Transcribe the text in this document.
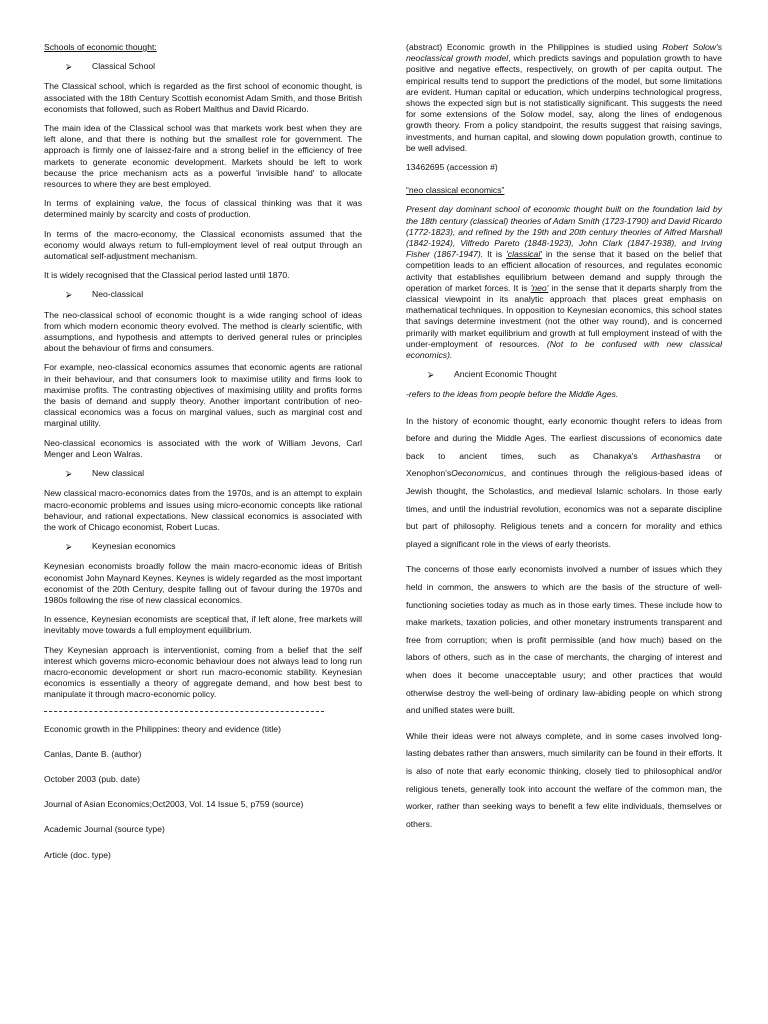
Schools of economic thought:

⮚	Classical School

The Classical school, which is regarded as the first school of economic thought, is associated with the 18th Century Scottish economist Adam Smith, and those British economists that followed, such as Robert Malthus and David Ricardo.

The main idea of the Classical school was that markets work best when they are left alone, and that there is nothing but the smallest role for government. The approach is firmly one of laissez-faire and a strong belief in the efficiency of free markets to generate economic development. Markets should be left to work because the price mechanism acts as a powerful 'invisible hand' to allocate resources to where they are best employed.

In terms of explaining value, the focus of classical thinking was that it was determined mainly by scarcity and costs of production.

In terms of the macro-economy, the Classical economists assumed that the economy would always return to full-employment level of real output through an automatical self-adjustment mechanism.

It is widely recognised that the Classical period lasted until 1870.

⮚	Neo-classical

The neo-classical school of economic thought is a wide ranging school of ideas from which modern economic theory evolved. The method is clearly scientific, with assumptions, and hypothesis and attempts to derived general rules or principles about the behaviour of firms and consumers.

For example, neo-classical economics assumes that economic agents are rational in their behaviour, and that consumers look to maximise utility and firms look to maximise profits. The contrasting objectives of maximising utility and profits forms the basis of demand and supply theory. Another important contribution of neo-classical economics was a focus on marginal values, such as marginal cost and marginal utility.

Neo-classical economics is associated with the work of William Jevons, Carl Menger and Leon Walras.

⮚	New classical

New classical macro-economics dates from the 1970s, and is an attempt to explain macro-economic problems and issues using micro-economic concepts like rational behaviour, and rational expectations. New classical economics is associated with the work of Chicago economist, Robert Lucas.

⮚	Keynesian economics

Keynesian economists broadly follow the main macro-economic ideas of British economist John Maynard Keynes. Keynes is widely regarded as the most important economist of the 20th Century, despite falling out of favour during the 1970s and 1980s following the rise of new classical economics.

In essence, Keynesian economists are sceptical that, if left alone, free markets will inevitably move towards a full employment equilibrium.

They Keynesian approach is interventionist, coming from a belief that the self interest which governs micro-economic behaviour does not always lead to long run macro-economic development or short run macro-economic stability. Keynesian economics is essentially a theory of aggregate demand, and how best best to manipulate it through macro-economic policy.

Economic growth in the Philippines: theory and evidence (title)

Canlas, Dante B. (author)

October 2003 (pub. date)

Journal of Asian Economics;Oct2003, Vol. 14 Issue 5, p759 (source)

Academic Journal (source type)

Article (doc. type)

(abstract) Economic growth in the Philippines is studied using Robert Solow's neoclassical growth model, which predicts savings and population growth to have positive and negative effects, respectively, on growth of per capita output. The empirical results tend to support the predictions of the model, but some limitations are evident. Human capital or education, which underpins technological progress, shows the expected sign but is not statistically significant. This suggests the need for some extensions of the Solow model, say, along the lines of endogenous growth theory. From a policy standpoint, the results suggest that raising savings, investments, and human capital, and slowing down population growth, continue to be well advised.

13462695 (accession #)

“neo classical economics”

Present day dominant school of economic thought built on the foundation laid by the 18th century (classical) theories of Adam Smith (1723-1790) and David Ricardo (1772-1823), and refined by the 19th and 20th century theories of Alfred Marshall (1842-1924), Vilfredo Pareto (1848-1923), John Clark (1847-1938), and Irving Fisher (1867-1947). It is 'classical' in the sense that it based on the belief that competition leads to an efficient allocation of resources, and regulates economic activity that establishes equilibrium between demand and supply through the operation of market forces. It is 'neo' in the sense that it departs sharply from the classical viewpoint in its analytic approach that places great emphasis on mathematical techniques. In opposition to Keynesian economics, this school states that savings determine investment (not the other way round), and is concerned primarily with market equilibrium and growth at full employment instead of with the under-employment of resources. (Not to be confused with new classical economics).

⮚	Ancient Economic Thought

-refers to the ideas from people before the Middle Ages.

In the history of economic thought, early economic thought refers to ideas from before and during the Middle Ages. The earliest discussions of economics date back to ancient times, such as Chanakya's Arthashastra or Xenophon'sOeconomicus, and continues through the religious-based ideas of Jewish thought, the Scholastics, and medieval Islamic scholars. In those early times, and until the industrial revolution, economics was not a separate discipline but part of philosophy. Religious tenets and a concern for morality and ethics played a significant role in the views of early theorists.

The concerns of those early economists involved a number of issues which they held in common, the answers to which are the basis of the structure of well-functioning societies today as much as in those early times. These include how to make markets, taxation policies, and other monetary instruments transparent and free from corruption; when is profit permissible (and how much) based on the labors of others, such as in the case of merchants, the charging of interest and when does it become unacceptable usury; and other practices that would otherwise destroy the well-being of ordinary law-abiding people on which strong and unified states were built.

While their ideas were not always complete, and in some cases involved long-lasting debates rather than answers, much similarity can be found in their efforts. It is also of note that early economic thinking, closely tied to philosophical and/or religious tenets, generally took into account the welfare of the common man, the worker, rather than seeking ways to benefit a few elite individuals, themselves or others.
